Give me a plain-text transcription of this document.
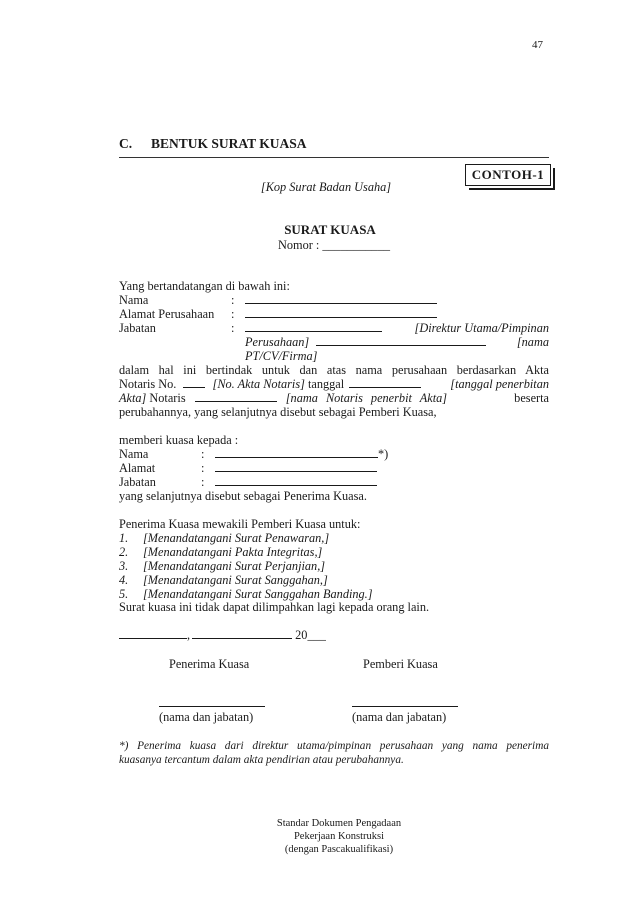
47
C. BENTUK SURAT KUASA
CONTOH-1
[Kop Surat Badan Usaha]
SURAT KUASA
Nomor : ___________
Yang bertandatangan di bawah ini:
Nama	:
Alamat Perusahaan :
Jabatan	:	[Direktur Utama/Pimpinan
Perusahaan]	[nama
PT/CV/Firma]
dalam hal ini bertindak untuk dan atas nama perusahaan berdasarkan Akta
Notaris No.	[No. Akta Notaris] tanggal	[tanggal penerbitan
Akta] Notaris	[nama Notaris penerbit Akta]	beserta
perubahannya, yang selanjutnya disebut sebagai Pemberi Kuasa,
memberi kuasa kepada :
Nama	:	*)
Alamat	:
Jabatan	:
yang selanjutnya disebut sebagai Penerima Kuasa.
Penerima Kuasa mewakili Pemberi Kuasa untuk:
1. [Menandatangani Surat Penawaran,]
2. [Menandatangani Pakta Integritas,]
3. [Menandatangani Surat Perjanjian,]
4. [Menandatangani Surat Sanggahan,]
5. [Menandatangani Surat Sanggahan Banding.]
Surat kuasa ini tidak dapat dilimpahkan lagi kepada orang lain.
,	20___
Penerima Kuasa	Pemberi Kuasa
(nama dan jabatan)	(nama dan jabatan)
*) Penerima kuasa dari direktur utama/pimpinan perusahaan yang nama penerima
kuasanya tercantum dalam akta pendirian atau perubahannya.
Standar Dokumen Pengadaan
Pekerjaan Konstruksi
(dengan Pascakualifikasi)
